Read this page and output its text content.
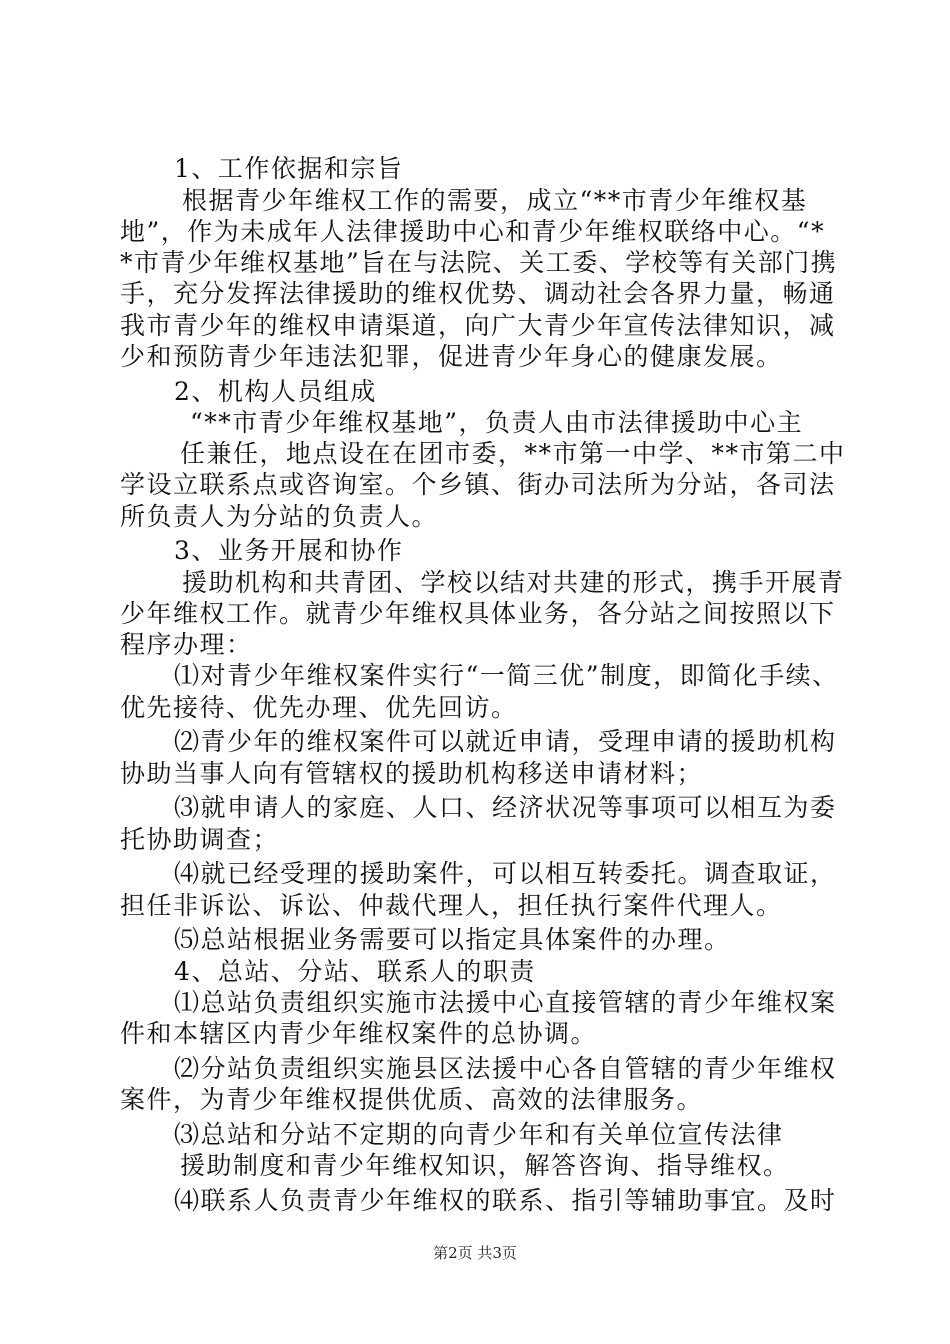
1、工作依据和宗旨
根据青少年维权工作的需要，成立“**市青少年维权基
地”，作为未成年人法律援助中心和青少年维权联络中心。“*
*市青少年维权基地”旨在与法院、关工委、学校等有关部门携
手，充分发挥法律援助的维权优势、调动社会各界力量，畅通
我市青少年的维权申请渠道，向广大青少年宣传法律知识，减
少和预防青少年违法犯罪，促进青少年身心的健康发展。
2、机构人员组成
“**市青少年维权基地”，负责人由市法律援助中心主
任兼任，地点设在在团市委，**市第一中学、**市第二中
学设立联系点或咨询室。个乡镇、街办司法所为分站，各司法
所负责人为分站的负责人。
3、业务开展和协作
援助机构和共青团、学校以结对共建的形式，携手开展青
少年维权工作。就青少年维权具体业务，各分站之间按照以下
程序办理：
⑴对青少年维权案件实行“一简三优”制度，即简化手续、
优先接待、优先办理、优先回访。
⑵青少年的维权案件可以就近申请，受理申请的援助机构
协助当事人向有管辖权的援助机构移送申请材料；
⑶就申请人的家庭、人口、经济状况等事项可以相互为委
托协助调查；
⑷就已经受理的援助案件，可以相互转委托。调查取证，
担任非诉讼、诉讼、仲裁代理人，担任执行案件代理人。
⑸总站根据业务需要可以指定具体案件的办理。
4、总站、分站、联系人的职责
⑴总站负责组织实施市法援中心直接管辖的青少年维权案
件和本辖区内青少年维权案件的总协调。
⑵分站负责组织实施县区法援中心各自管辖的青少年维权
案件，为青少年维权提供优质、高效的法律服务。
⑶总站和分站不定期的向青少年和有关单位宣传法律
援助制度和青少年维权知识，解答咨询、指导维权。
⑷联系人负责青少年维权的联系、指引等辅助事宜。及时
第2页 共3页
